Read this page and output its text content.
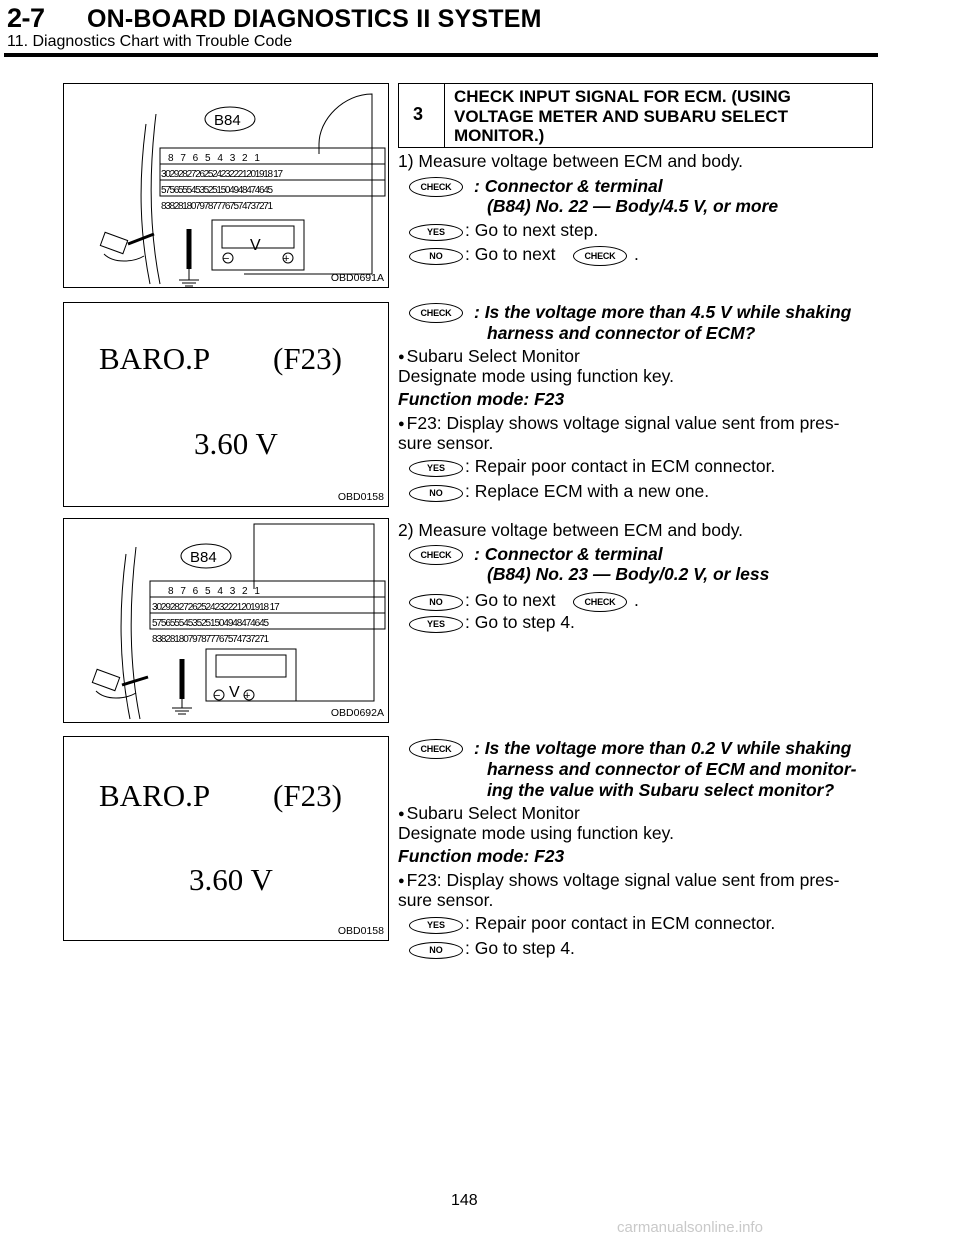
2-7 ON-BOARD DIAGNOSTICS II SYSTEM
11. Diagnostics Chart with Trouble Code
B84
8 7 6 5 4 3 2 1
30292827262524232221201918 17
57565554535251504948474645
83828180797877767574737271
V
−	+
OBD0691A
BARO.P (F23)
3.60 V
OBD0158
B84
8 7 6 5 4 3 2 1
30292827262524232221201918 17
57565554535251504948474645
83828180797877767574737271
V
− +
OBD0692A
BARO.P (F23)
3.60 V
OBD0158
3
CHECK INPUT SIGNAL FOR ECM. (USING
VOLTAGE METER AND SUBARU SELECT
MONITOR.)
1) Measure voltage between ECM and body.
CHECK	: Connector & terminal
(B84) No. 22 — Body/4.5 V, or more
YES	: Go to next step.
NO	: Go to next	CHECK	.
CHECK	: Is the voltage more than 4.5 V while shaking
harness and connector of ECM?
● Subaru Select Monitor
Designate mode using function key.
Function mode: F23
● F23: Display shows voltage signal value sent from pres-
sure sensor.
YES	: Repair poor contact in ECM connector.
NO	: Replace ECM with a new one.
2) Measure voltage between ECM and body.
CHECK	: Connector & terminal
(B84) No. 23 — Body/0.2 V, or less
NO	: Go to next	CHECK	.
YES	: Go to step 4.
CHECK	: Is the voltage more than 0.2 V while shaking
harness and connector of ECM and monitor-
ing the value with Subaru select monitor?
● Subaru Select Monitor
Designate mode using function key.
Function mode: F23
● F23: Display shows voltage signal value sent from pres-
sure sensor.
YES	: Repair poor contact in ECM connector.
NO	: Go to step 4.
148
carmanualsonline.info
